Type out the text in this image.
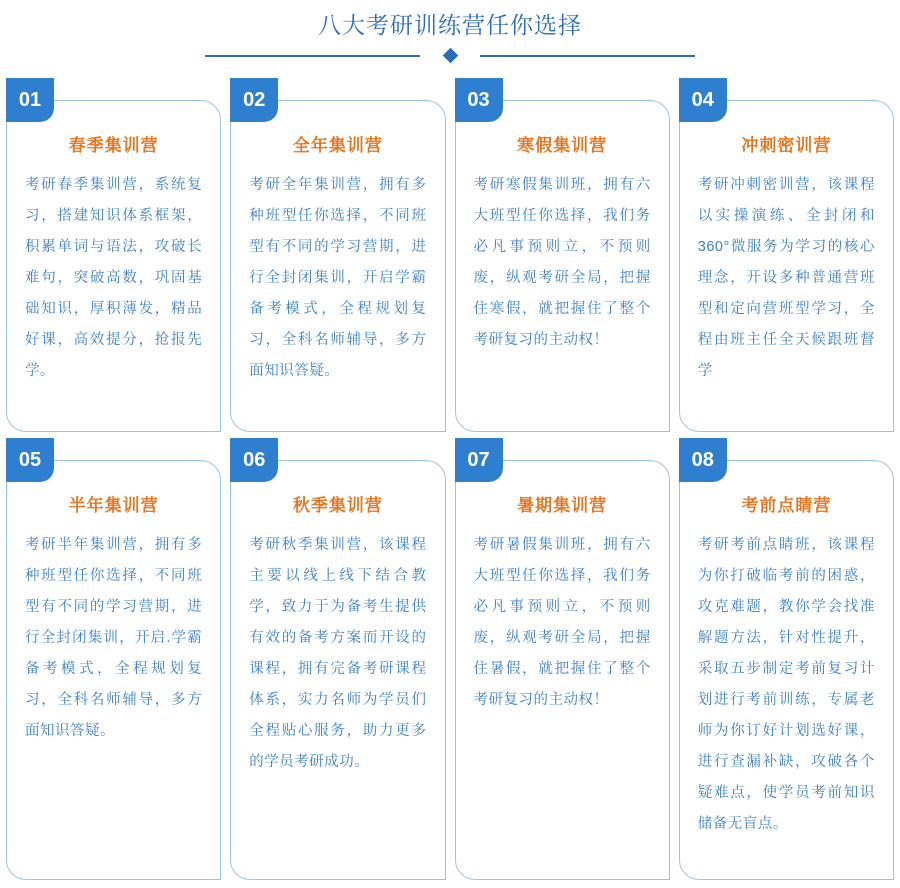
八大考研训练营任你选择
01
春季集训营
考研春季集训营，系统复习，搭建知识体系框架，积累单词与语法，攻破长难句，突破高数，巩固基础知识，厚积薄发，精品好课，高效提分，抢报先学。
02
全年集训营
考研全年集训营，拥有多种班型任你选择，不同班型有不同的学习营期，进行全封闭集训，开启学霸备考模式，全程规划复习，全科名师辅导，多方面知识答疑。
03
寒假集训营
考研寒假集训班，拥有六大班型任你选择，我们务必凡事预则立，不预则废，纵观考研全局，把握住寒假，就把握住了整个考研复习的主动权！
04
冲刺密训营
考研冲刺密训营，该课程以实操演练、全封闭和360°微服务为学习的核心理念，开设多种普通营班型和定向营班型学习，全程由班主任全天候跟班督学
05
半年集训营
考研半年集训营，拥有多种班型任你选择，不同班型有不同的学习营期，进行全封闭集训，开启.学霸备考模式，全程规划复习，全科名师辅导，多方面知识答疑。
06
秋季集训营
考研秋季集训营，该课程主要以线上线下结合教学，致力于为备考生提供有效的备考方案而开设的课程，拥有完备考研课程体系，实力名师为学员们全程贴心服务，助力更多的学员考研成功。
07
暑期集训营
考研暑假集训班，拥有六大班型任你选择，我们务必凡事预则立，不预则废，纵观考研全局，把握住暑假，就把握住了整个考研复习的主动权！
08
考前点睛营
考研考前点睛班，该课程为你打破临考前的困惑，攻克难题，教你学会找准解题方法，针对性提升，采取五步制定考前复习计划进行考前训练，专属老师为你订好计划选好课，进行查漏补缺，攻破各个疑难点，使学员考前知识储备无盲点。
